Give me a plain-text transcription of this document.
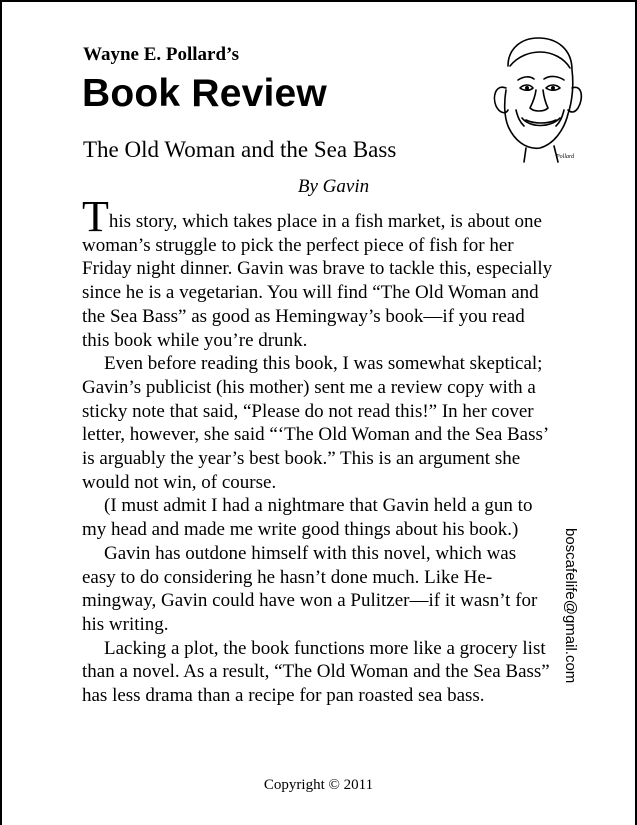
Wayne E. Pollard’s
Book Review
The Old Woman and the Sea Bass
By Gavin
Pollard

This story, which takes place in a fish market, is about one woman’s struggle to pick the perfect piece of fish for her Friday night dinner. Gavin was brave to tackle this, especially since he is a vegetarian. You will find “The Old Woman and the Sea Bass” as good as Hemingway’s book—if you read this book while you’re drunk.

Even before reading this book, I was somewhat skeptical; Gavin’s publicist (his mother) sent me a review copy with a sticky note that said, “Please do not read this!” In her cover letter, however, she said “‘The Old Woman and the Sea Bass’ is arguably the year’s best book.” This is an argument she would not win, of course.

(I must admit I had a nightmare that Gavin held a gun to my head and made me write good things about his book.)

Gavin has outdone himself with this novel, which was easy to do considering he hasn’t done much. Like Hemingway, Gavin could have won a Pulitzer—if it wasn’t for his writing.

Lacking a plot, the book functions more like a grocery list than a novel. As a result, “The Old Woman and the Sea Bass” has less drama than a recipe for pan roasted sea bass.

boscafelife@gmail.com
Copyright © 2011
